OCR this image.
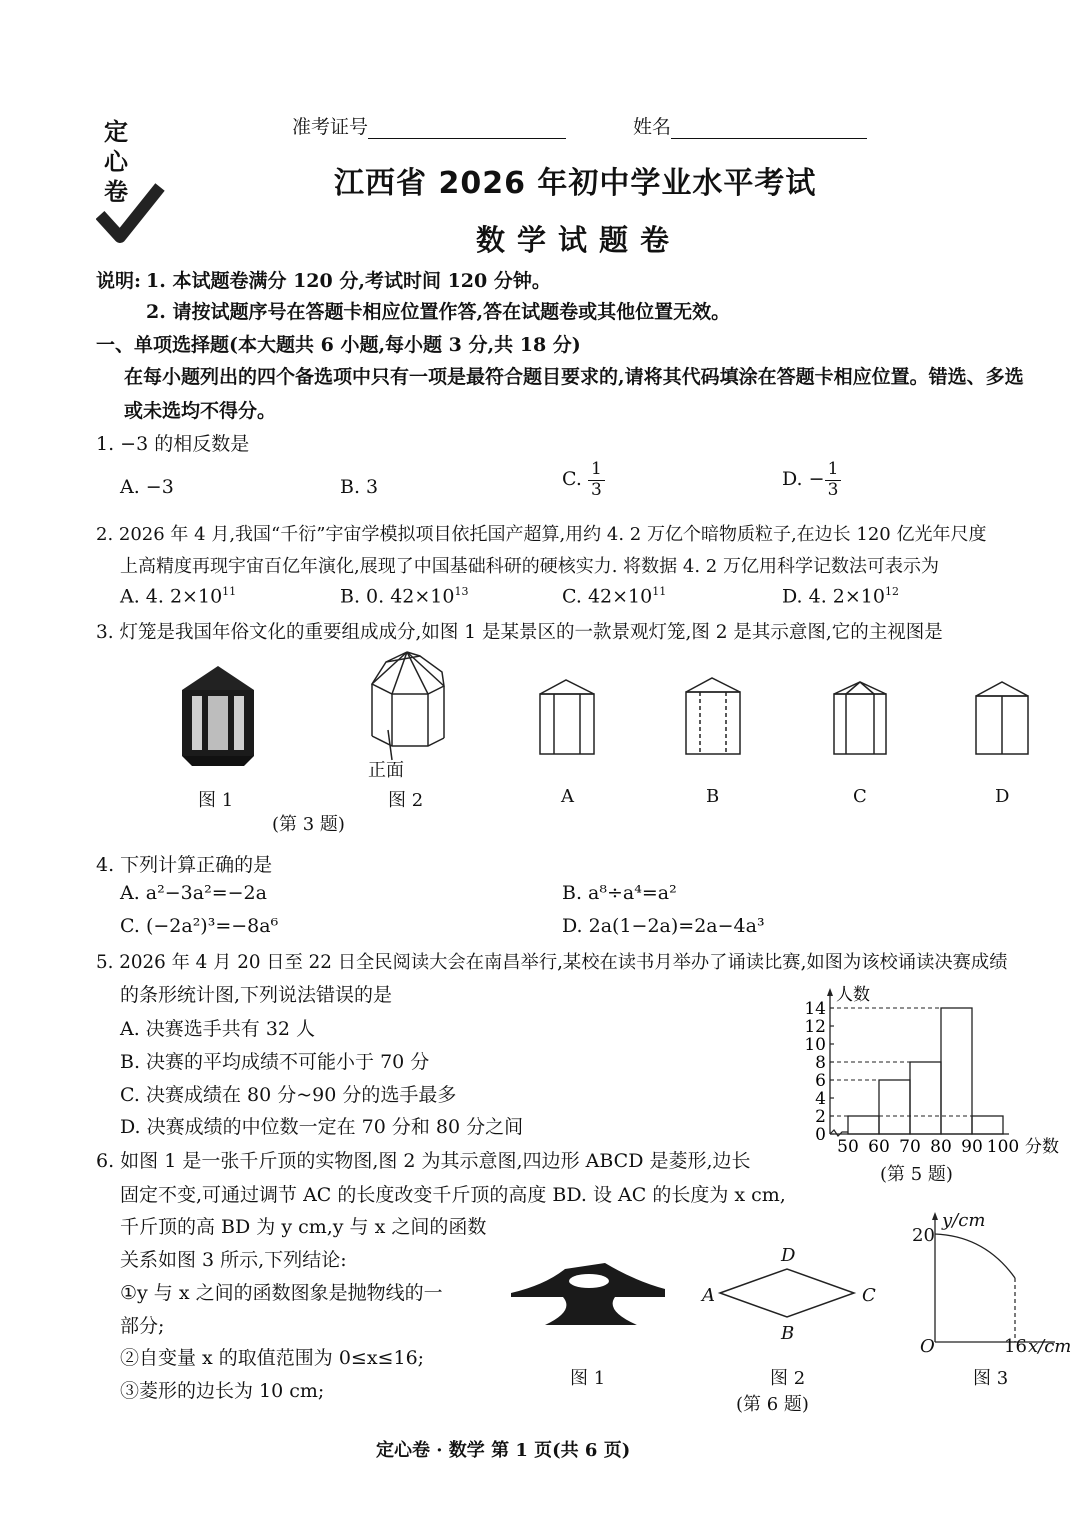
定心卷
准考证号	姓名
江西省 2026 年初中学业水平考试
数学试题卷
说明: 1. 本试题卷满分 120 分,考试时间 120 分钟。
2. 请按试题序号在答题卡相应位置作答,答在试题卷或其他位置无效。
一、单项选择题(本大题共 6 小题,每小题 3 分,共 18 分)
在每小题列出的四个备选项中只有一项是最符合题目要求的,请将其代码填涂在答题卡相应位置。错选、多选
或未选均不得分。
1. −3 的相反数是
A. −3	B. 3	C. $\frac{1}{3}$	D. − $\frac{1}{3}$
2. 2026 年 4 月,我国“千衍”宇宙学模拟项目依托国产超算,用约 4. 2 万亿个暗物质粒子,在边长 120 亿光年尺度
上高精度再现宇宙百亿年演化,展现了中国基础科研的硬核实力. 将数据 4. 2 万亿用科学记数法可表示为
A. 4. $2\times 10^{11}$	B. 0. $42\times 10^{13}$	C. $42\times 10^{11}$	D. 4. $2\times 10^{12}$
3. 灯笼是我国年俗文化的重要组成成分,如图 1 是某景区的一款景观灯笼,图 2 是其示意图,它的主视图是
正面
图 1	图 2	A	B	C	D
(第 3 题)
4. 下列计算正确的是
A. a²−3a²=−2a	B. a⁸÷a⁴=a²
C. (−2a²)³=−8a⁶	D. 2a(1−2a)=2a−4a³
5. 2026 年 4 月 20 日至 22 日全民阅读大会在南昌举行,某校在读书月举办了诵读比赛,如图为该校诵读决赛成绩
的条形统计图,下列说法错误的是
A. 决赛选手共有 32 人
B. 决赛的平均成绩不可能小于 70 分
C. 决赛成绩在 80 分~90 分的选手最多
D. 决赛成绩的中位数一定在 70 分和 80 分之间	0
2
4
6
8
10
12
14
50 60 70 80 90 100 分数
人数
(第 5 题)
6. 如图 1 是一张千斤顶的实物图,图 2 为其示意图,四边形 ABCD 是菱形,边长
固定不变,可通过调节 AC 的长度改变千斤顶的高度 BD. 设 AC 的长度为 x cm,
千斤顶的高 BD 为 y cm,y 与 x 之间的函数
关系如图 3 所示,下列结论:
①y 与 x 之间的函数图象是抛物线的一
部分;
②自变量 x 的取值范围为 0≤x≤16;
③菱形的边长为 10 cm;
图 1
D
A	C
B
图 2
(第 6 题)
y/cm
20
O	16 x/cm
图 3
定心卷 · 数学 第 1 页(共 6 页)
